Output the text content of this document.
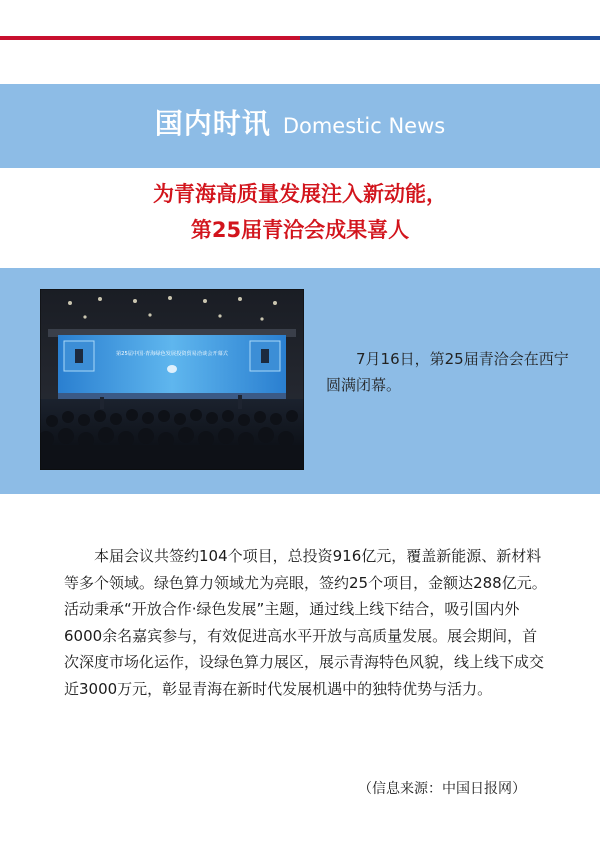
国内时讯 Domestic News
为青海高质量发展注入新动能，
第25届青洽会成果喜人
第25届中国·青海绿色发展投资贸易洽谈会开幕式	7月16日，第25届青洽会在西宁圆满闭幕。

本届会议共签约104个项目，总投资916亿元，覆盖新能源、新材料等多个领域。绿色算力领域尤为亮眼，签约25个项目，金额达288亿元。活动秉承“开放合作·绿色发展”主题，通过线上线下结合，吸引国内外6000余名嘉宾参与，有效促进高水平开放与高质量发展。展会期间，首次深度市场化运作，设绿色算力展区，展示青海特色风貌，线上线下成交近3000万元，彰显青海在新时代发展机遇中的独特优势与活力。

（信息来源：中国日报网）
